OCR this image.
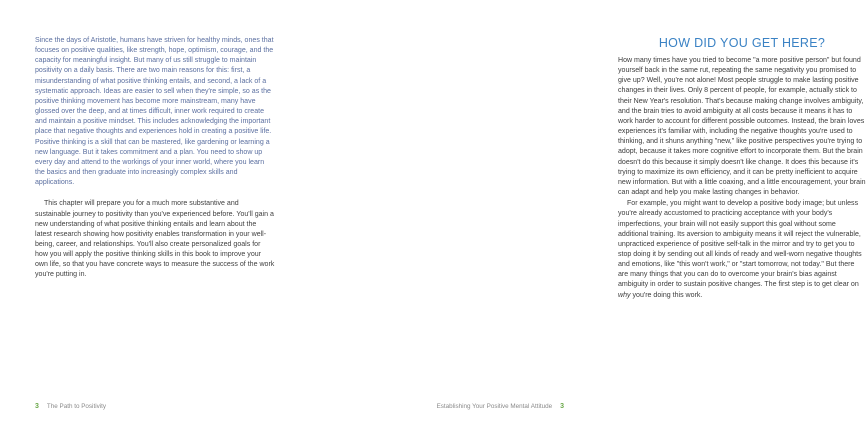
Since the days of Aristotle, humans have striven for healthy minds, ones that focuses on positive qualities, like strength, hope, optimism, courage, and the capacity for meaningful insight. But many of us still struggle to maintain positivity on a daily basis. There are two main reasons for this: first, a misunderstanding of what positive thinking entails, and second, a lack of a systematic approach. Ideas are easier to sell when they're simple, so as the positive thinking movement has become more mainstream, many have glossed over the deep, and at times difficult, inner work required to create and maintain a positive mindset. This includes acknowledging the important place that negative thoughts and experiences hold in creating a positive life. Positive thinking is a skill that can be mastered, like gardening or learning a new language. But it takes commitment and a plan. You need to show up every day and attend to the workings of your inner world, where you learn the basics and then graduate into increasingly complex skills and applications.

This chapter will prepare you for a much more substantive and sustainable journey to positivity than you've experienced before. You'll gain a new understanding of what positive thinking entails and learn about the latest research showing how positivity enables transformation in your well-being, career, and relationships. You'll also create personalized goals for how you will apply the positive thinking skills in this book to improve your own life, so that you have concrete ways to measure the success of the work you're putting in.

3 The Path to Positivity
HOW DID YOU GET HERE?

How many times have you tried to become "a more positive person" but found yourself back in the same rut, repeating the same negativity you promised to give up? Well, you're not alone! Most people struggle to make lasting positive changes in their lives. Only 8 percent of people, for example, actually stick to their New Year's resolution. That's because making change involves ambiguity, and the brain tries to avoid ambiguity at all costs because it means it has to work harder to account for different possible outcomes. Instead, the brain loves experiences it's familiar with, including the negative thoughts you're used to thinking, and it shuns anything "new," like positive perspectives you're trying to adopt, because it takes more cognitive effort to incorporate them. But the brain doesn't do this because it simply doesn't like change. It does this because it's trying to maximize its own efficiency, and it can be pretty inefficient to acquire new information. But with a little coaxing, and a little encouragement, your brain can adapt and help you make lasting changes in behavior.

For example, you might want to develop a positive body image; but unless you're already accustomed to practicing acceptance with your body's imperfections, your brain will not easily support this goal without some additional training. Its aversion to ambiguity means it will reject the vulnerable, unpracticed experience of positive self-talk in the mirror and try to get you to stop doing it by sending out all kinds of ready and well-worn negative thoughts and emotions, like "this won't work," or "start tomorrow, not today." But there are many things that you can do to overcome your brain's bias against ambiguity in order to sustain positive changes. The first step is to get clear on why you're doing this work.

Establishing Your Positive Mental Attitude 3
